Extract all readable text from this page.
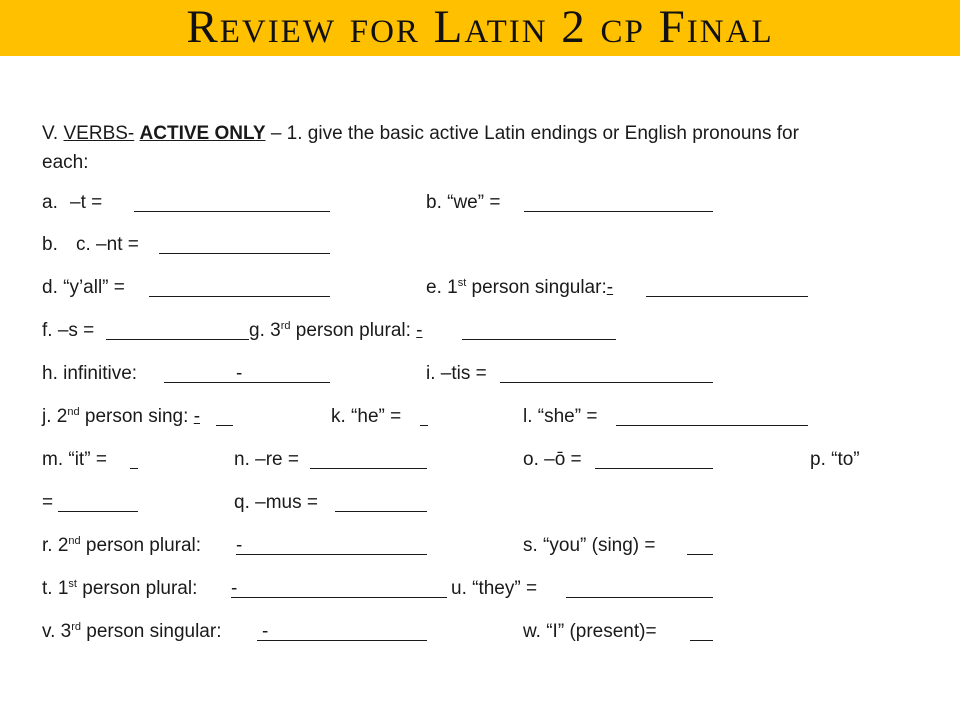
Review for Latin 2 cp Final
V. VERBS- ACTIVE ONLY – 1. give the basic active Latin endings or English pronouns for
each:
a. –t =	b. “we” =
b. c. –nt =
d. “y’all” =	e. 1st person singular:-
f. –s =	g. 3rd person plural: -
h. infinitive:	-	i. –tis =
j. 2nd person sing: -	k. “he” =	l. “she” =
m. “it” =	n. –re =	o. –ō =	p. “to”
=	q. –mus =
r. 2nd person plural: -	s. “you” (sing) =
t. 1st person plural: -	u. “they” =
v. 3rd person singular: -	w. “I” (present)=
